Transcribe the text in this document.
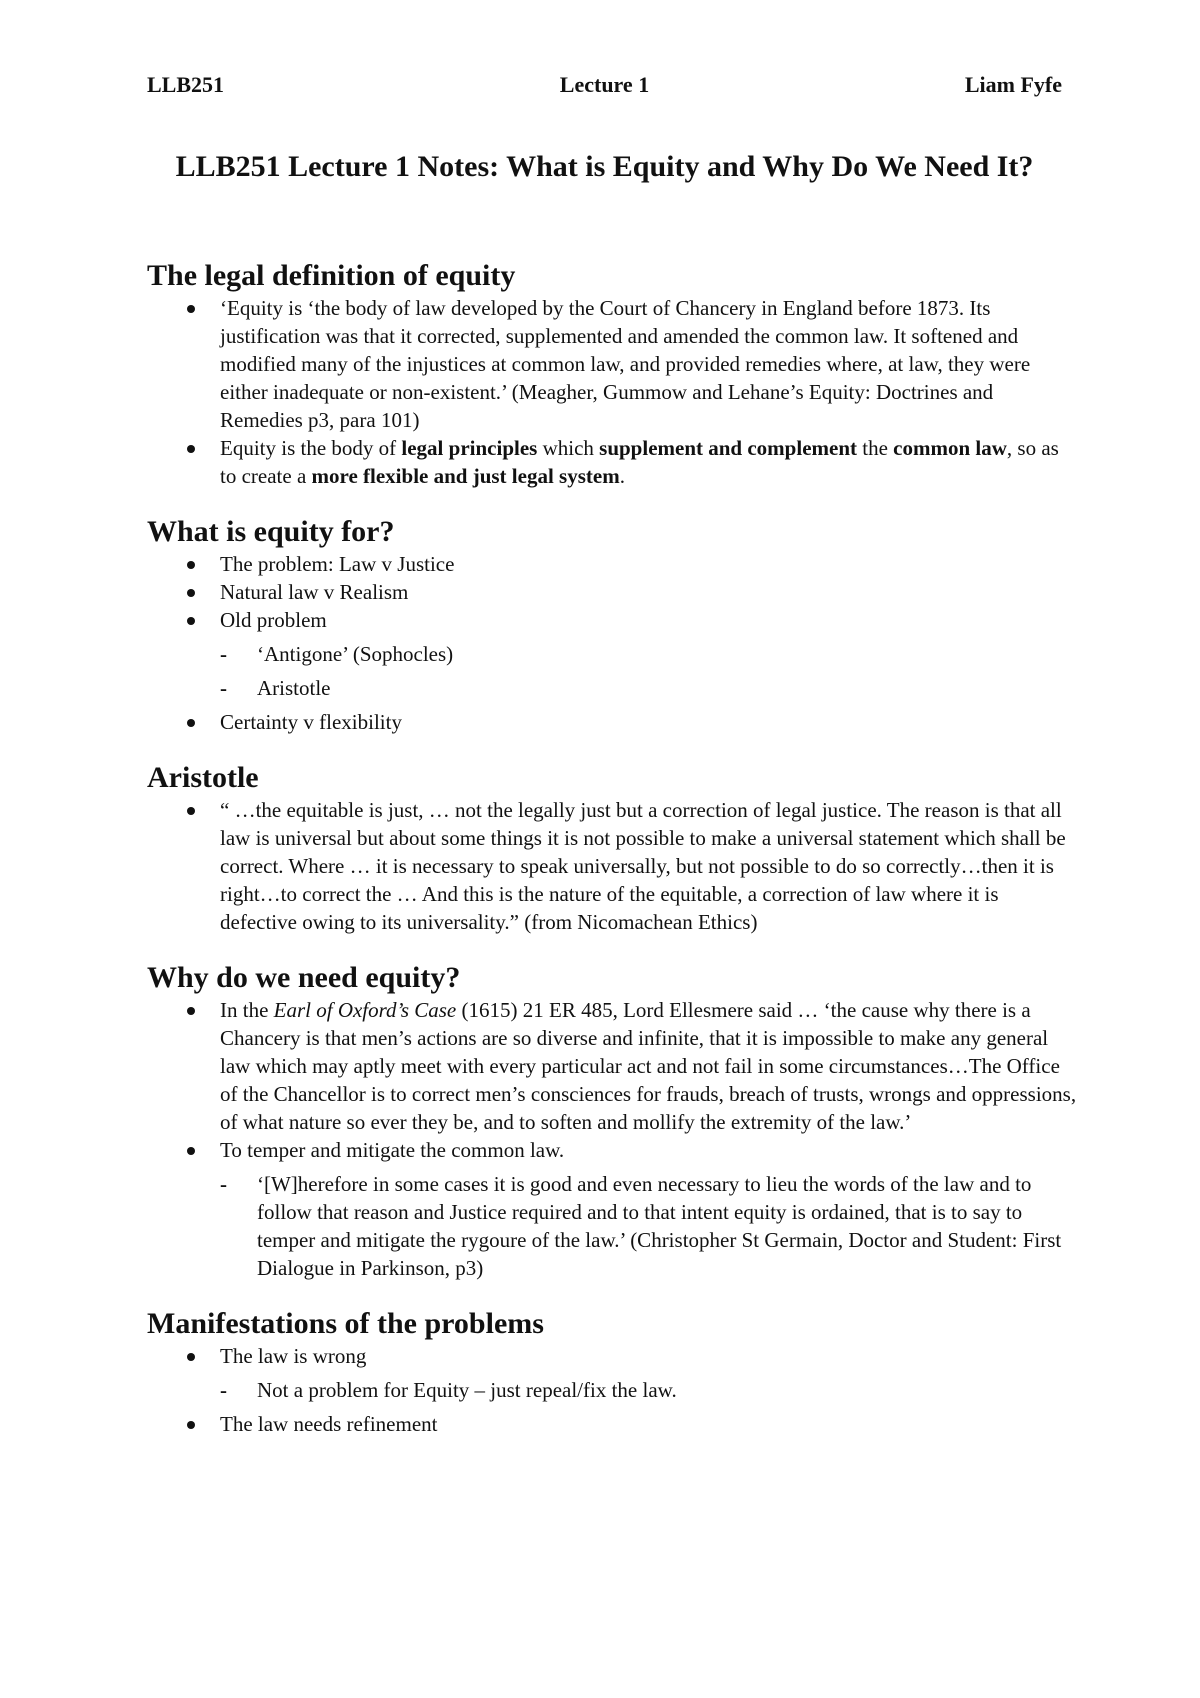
LLB251	Lecture 1	Liam Fyfe
LLB251 Lecture 1 Notes: What is Equity and Why Do We Need It?
The legal definition of equity
‘Equity is ‘the body of law developed by the Court of Chancery in England before 1873. Its justification was that it corrected, supplemented and amended the common law. It softened and modified many of the injustices at common law, and provided remedies where, at law, they were either inadequate or non-existent.’ (Meagher, Gummow and Lehane’s Equity: Doctrines and Remedies p3, para 101)
Equity is the body of legal principles which supplement and complement the common law, so as to create a more flexible and just legal system.
What is equity for?
The problem: Law v Justice
Natural law v Realism
Old problem
- ‘Antigone’ (Sophocles)
- Aristotle
Certainty v flexibility
Aristotle
“ …the equitable is just, … not the legally just but a correction of legal justice. The reason is that all law is universal but about some things it is not possible to make a universal statement which shall be correct. Where … it is necessary to speak universally, but not possible to do so correctly…then it is right…to correct the … And this is the nature of the equitable, a correction of law where it is defective owing to its universality.” (from Nicomachean Ethics)
Why do we need equity?
In the Earl of Oxford’s Case (1615) 21 ER 485, Lord Ellesmere said … ‘the cause why there is a Chancery is that men’s actions are so diverse and infinite, that it is impossible to make any general law which may aptly meet with every particular act and not fail in some circumstances…The Office of the Chancellor is to correct men’s consciences for frauds, breach of trusts, wrongs and oppressions, of what nature so ever they be, and to soften and mollify the extremity of the law.’
To temper and mitigate the common law.
- ‘[W]herefore in some cases it is good and even necessary to lieu the words of the law and to follow that reason and Justice required and to that intent equity is ordained, that is to say to temper and mitigate the rygoure of the law.’ (Christopher St Germain, Doctor and Student: First Dialogue in Parkinson, p3)
Manifestations of the problems
The law is wrong
- Not a problem for Equity – just repeal/fix the law.
The law needs refinement
